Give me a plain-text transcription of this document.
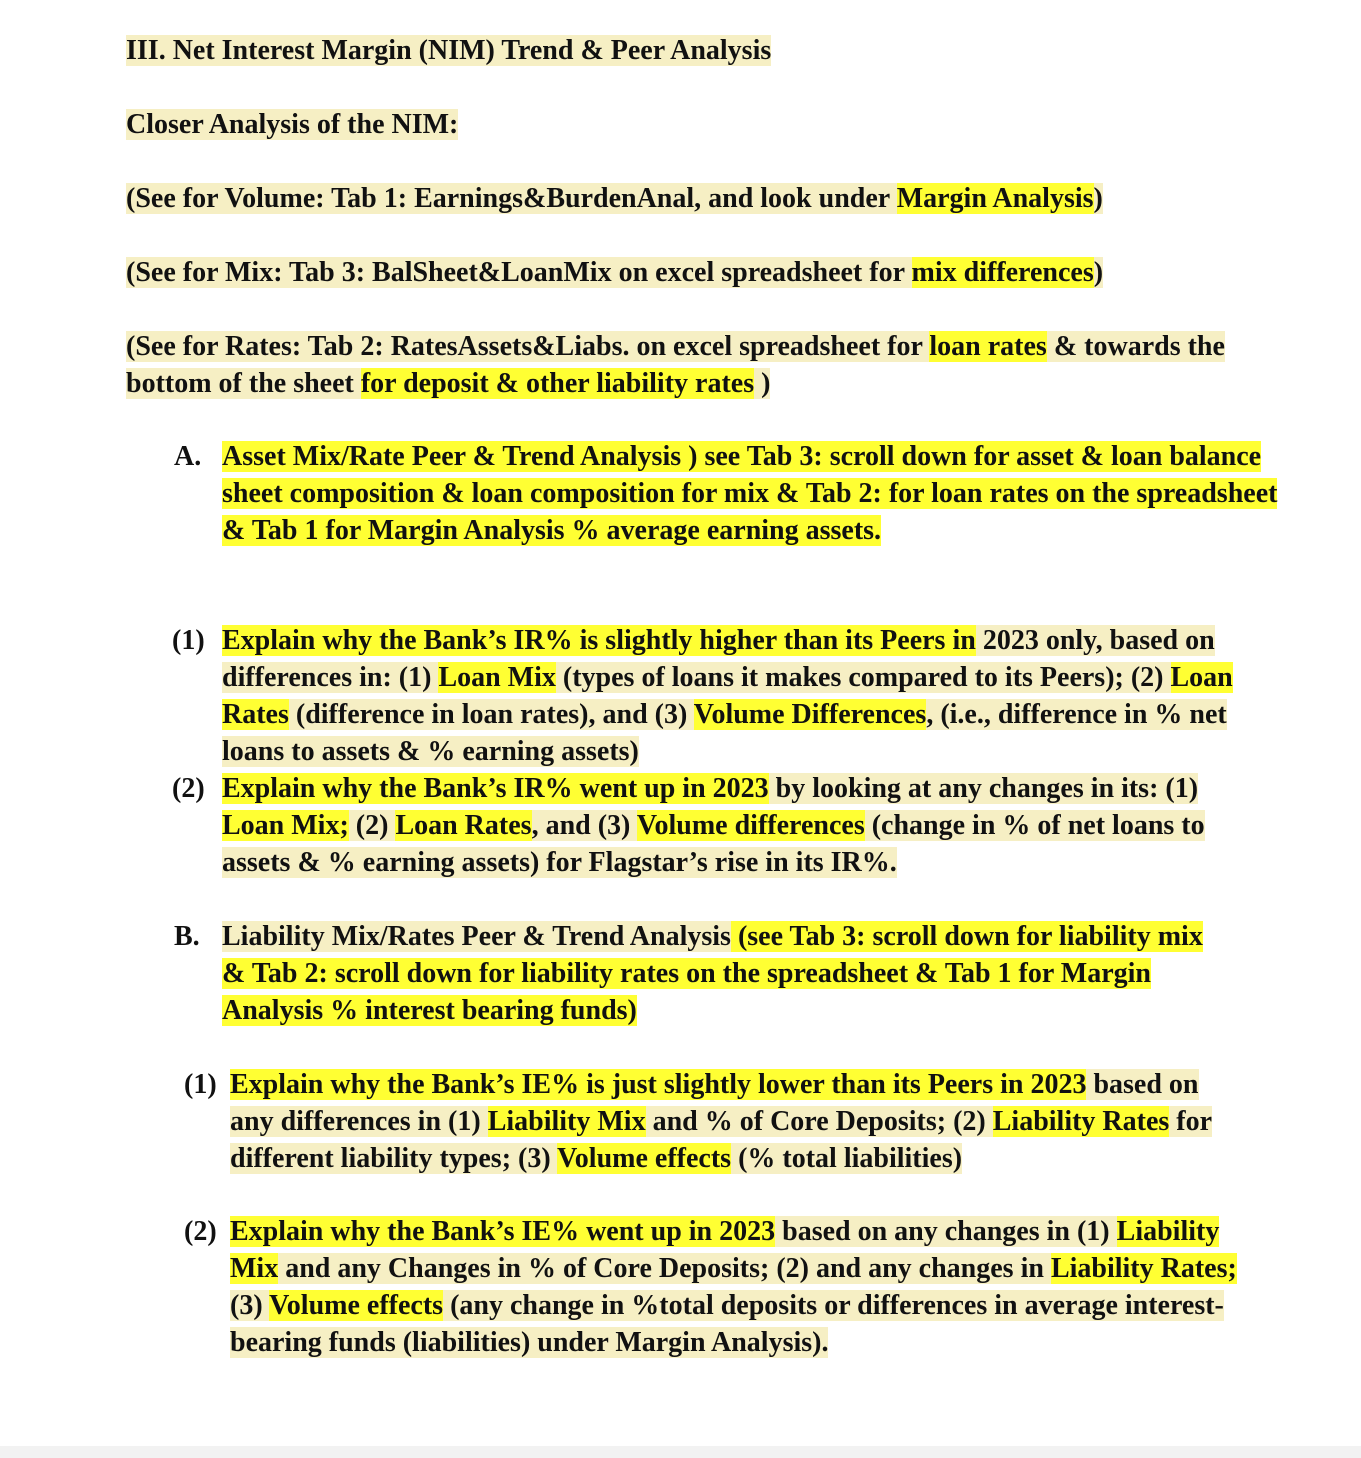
III. Net Interest Margin (NIM) Trend & Peer Analysis

Closer Analysis of the NIM:

(See for Volume: Tab 1: Earnings&BurdenAnal, and look under Margin Analysis)

(See for Mix: Tab 3: BalSheet&LoanMix on excel spreadsheet for mix differences)

(See for Rates: Tab 2: RatesAssets&Liabs. on excel spreadsheet for loan rates & towards the bottom of the sheet for deposit & other liability rates )

A. Asset Mix/Rate Peer & Trend Analysis ) see Tab 3: scroll down for asset & loan balance sheet composition & loan composition for mix & Tab 2: for loan rates on the spreadsheet & Tab 1 for Margin Analysis % average earning assets.
(1) Explain why the Bank’s IR% is slightly higher than its Peers in 2023 only, based on differences in: (1) Loan Mix (types of loans it makes compared to its Peers); (2) Loan Rates (difference in loan rates), and (3) Volume Differences, (i.e., difference in % net loans to assets & % earning assets)
(2) Explain why the Bank’s IR% went up in 2023 by looking at any changes in its: (1) Loan Mix; (2) Loan Rates, and (3) Volume differences (change in % of net loans to assets & % earning assets) for Flagstar’s rise in its IR%.
B. Liability Mix/Rates Peer & Trend Analysis (see Tab 3: scroll down for liability mix & Tab 2: scroll down for liability rates on the spreadsheet & Tab 1 for Margin Analysis % interest bearing funds)
(1) Explain why the Bank’s IE% is just slightly lower than its Peers in 2023 based on any differences in (1) Liability Mix and % of Core Deposits; (2) Liability Rates for different liability types; (3) Volume effects (% total liabilities)
(2) Explain why the Bank’s IE% went up in 2023 based on any changes in (1) Liability Mix and any Changes in % of Core Deposits; (2) and any changes in Liability Rates; (3) Volume effects (any change in %total deposits or differences in average interest-bearing funds (liabilities) under Margin Analysis).
